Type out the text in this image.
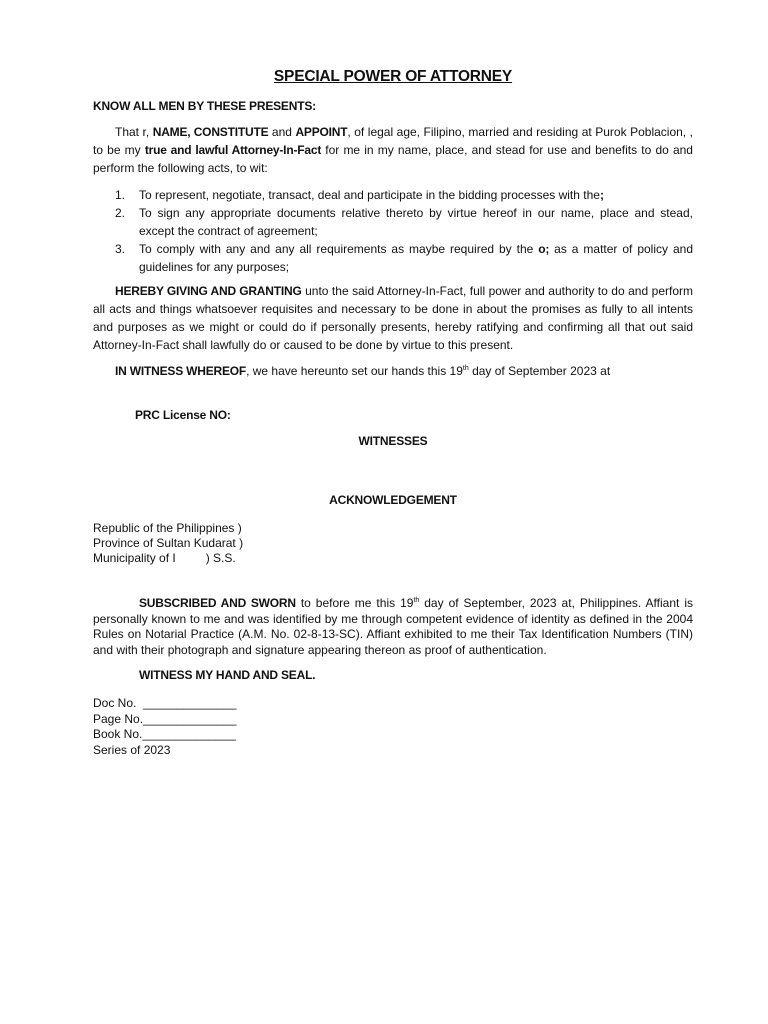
SPECIAL POWER OF ATTORNEY
KNOW ALL MEN BY THESE PRESENTS:

That r, NAME, CONSTITUTE and APPOINT, of legal age, Filipino, married and residing at Purok Poblacion, , to be my true and lawful Attorney-In-Fact for me in my name, place, and stead for use and benefits to do and perform the following acts, to wit:

1. To represent, negotiate, transact, deal and participate in the bidding processes with the;
2. To sign any appropriate documents relative thereto by virtue hereof in our name, place and stead, except the contract of agreement;
3. To comply with any and any all requirements as maybe required by the o; as a matter of policy and guidelines for any purposes;

HEREBY GIVING AND GRANTING unto the said Attorney-In-Fact, full power and authority to do and perform all acts and things whatsoever requisites and necessary to be done in about the promises as fully to all intents and purposes as we might or could do if personally presents, hereby ratifying and confirming all that out said Attorney-In-Fact shall lawfully do or caused to be done by virtue to this present.

IN WITNESS WHEREOF, we have hereunto set our hands this 19th day of September 2023 at

PRC License NO:
WITNESSES
ACKNOWLEDGEMENT
Republic of the Philippines )
Province of Sultan Kudarat )
Municipality of I         ) S.S.

SUBSCRIBED AND SWORN to before me this 19th day of September, 2023 at, Philippines. Affiant is personally known to me and was identified by me through competent evidence of identity as defined in the 2004 Rules on Notarial Practice (A.M. No. 02-8-13-SC). Affiant exhibited to me their Tax Identification Numbers (TIN) and with their photograph and signature appearing thereon as proof of authentication.

WITNESS MY HAND AND SEAL.
Doc No.  ______________
Page No.______________
Book No.______________
Series of 2023
